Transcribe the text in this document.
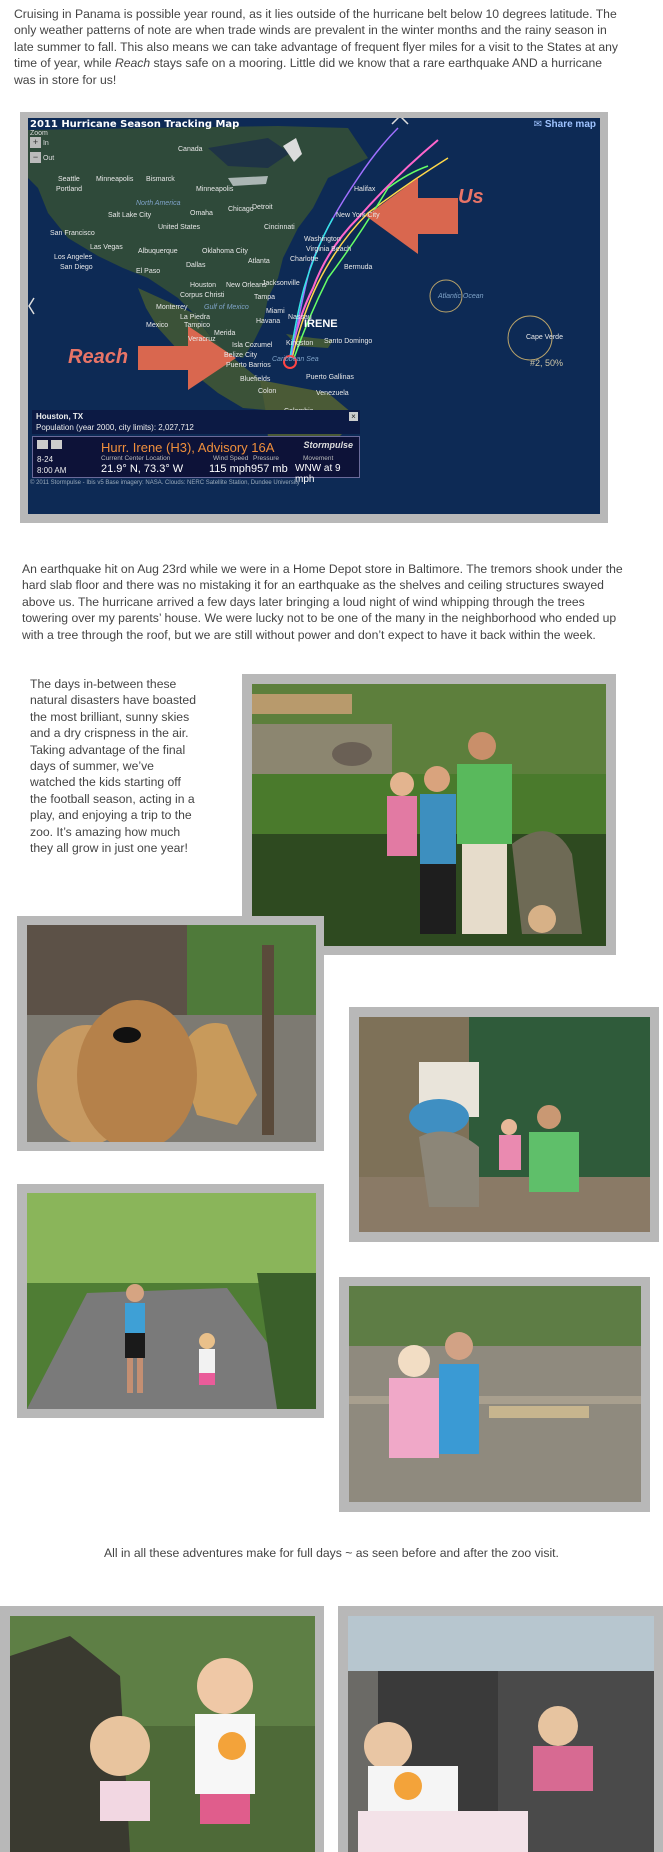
Cruising in Panama is possible year round, as it lies outside of the hurricane belt below 10 degrees latitude. The only weather patterns of note are when trade winds are prevalent in the winter months and the rainy season in late summer to fall. This also means we can take advantage of frequent flyer miles for a visit to the States at any time of year, while Reach stays safe on a mooring. Little did we know that a rare earthquake AND a hurricane was in store for us!

2011 Hurricane Season Tracking Map	✉ Share map
Zoom
+ In
− Out
Canada
Seattle
Portland
Minneapolis Bismarck
Minneapolis	Halifax
North America
Salt Lake City	Omaha
Chicago
Detroit
New York City
San Francisco
Las Vegas
United States	Cincinnati
Washington
Los Angeles
Albuquerque	Oklahoma City
Atlanta
Virginia Beach
San Diego
El Paso
Dallas
Charlotte
Bermuda
Houston New Orleans
Jacksonville
Corpus Christi	Tampa
Gulf of Mexico
Monterrey
Miami
La Piedra	Nassau
Mexico Tampico
Havana IRENE
Merida
Veracruz
Isla Cozumel Kingston Santo Domingo
Belize City
Puerto Barrios
Caribbean Sea
Bluefields	Puerto Gallinas
Colon	Venezuela
Cape Verde
Atlantic Ocean
#2, 50%
Us
Reach
Houston, TX
Population (year 2000, city limits): 2,027,712
×
Hurr. Irene (H3), Advisory 16A	Stormpulse
8-24
8:00 AM
Current Center Location	Wind Speed Pressure	Movement
21.9° N, 73.3° W 115 mph 957 mb WNW at 9 mph
© 2011 Stormpulse - Ibis v5 Base imagery: NASA. Clouds: NERC Satellite Station, Dundee University

An earthquake hit on Aug 23rd while we were in a Home Depot store in Baltimore. The tremors shook under the hard slab floor and there was no mistaking it for an earthquake as the shelves and ceiling structures swayed above us. The hurricane arrived a few days later bringing a loud night of wind whipping through the trees towering over my parents’ house. We were lucky not to be one of the many in the neighborhood who ended up with a tree through the roof, but we are still without power and don’t expect to have it back within the week.

The days in-between these natural disasters have boasted the most brilliant, sunny skies and a dry crispness in the air. Taking advantage of the final days of summer, we’ve watched the kids starting off the football season, acting in a play, and enjoying a trip to the zoo. It’s amazing how much they all grow in just one year!

All in all these adventures make for full days ~ as seen before and after the zoo visit.
